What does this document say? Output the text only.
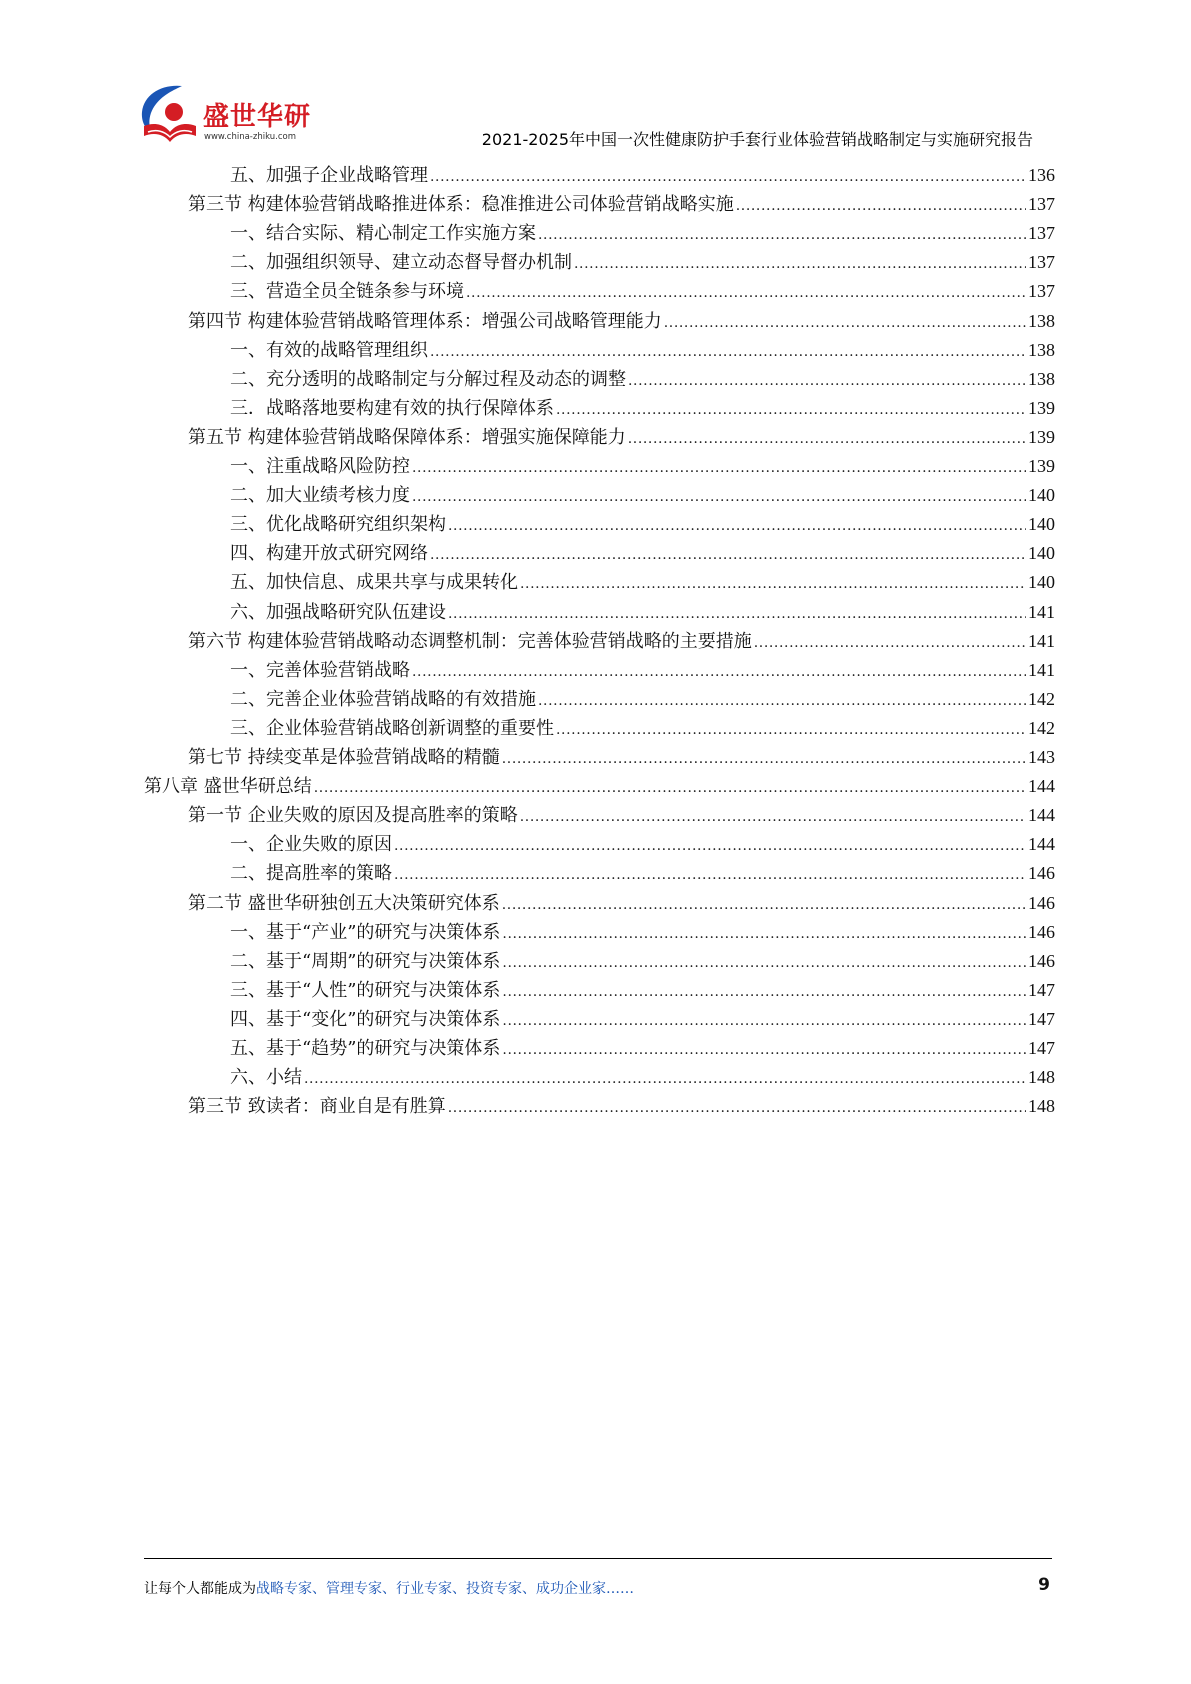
盛世华研
www.china-zhiku.com	2021-2025年中国一次性健康防护手套行业体验营销战略制定与实施研究报告
五、加强子企业战略管理 .....	136
第三节 构建体验营销战略推进体系：稳准推进公司体验营销战略实施 .....	137
一、结合实际、精心制定工作实施方案 .....	137
二、加强组织领导、建立动态督导督办机制 .....	137
三、营造全员全链条参与环境 .....	137
第四节 构建体验营销战略管理体系：增强公司战略管理能力 .....	138
一、有效的战略管理组织 .....	138
二、充分透明的战略制定与分解过程及动态的调整 .....	138
三．战略落地要构建有效的执行保障体系 .....	139
第五节 构建体验营销战略保障体系：增强实施保障能力 .....	139
一、注重战略风险防控 .....	139
二、加大业绩考核力度 .....	140
三、优化战略研究组织架构 .....	140
四、构建开放式研究网络 .....	140
五、加快信息、成果共享与成果转化 .....	140
六、加强战略研究队伍建设 .....	141
第六节 构建体验营销战略动态调整机制：完善体验营销战略的主要措施 .....	141
一、完善体验营销战略 .....	141
二、完善企业体验营销战略的有效措施 .....	142
三、企业体验营销战略创新调整的重要性 .....	142
第七节 持续变革是体验营销战略的精髓 .....	143
第八章 盛世华研总结 .....	144
第一节 企业失败的原因及提高胜率的策略 .....	144
一、企业失败的原因 .....	144
二、提高胜率的策略 .....	146
第二节 盛世华研独创五大决策研究体系 .....	146
一、基于“产业”的研究与决策体系 .....	146
二、基于“周期”的研究与决策体系 .....	146
三、基于“人性”的研究与决策体系 .....	147
四、基于“变化”的研究与决策体系 .....	147
五、基于“趋势”的研究与决策体系 .....	147
六、小结 .....	148
第三节 致读者：商业自是有胜算 .....	148
让每个人都能成为战略专家、管理专家、行业专家、投资专家、成功企业家……	9
